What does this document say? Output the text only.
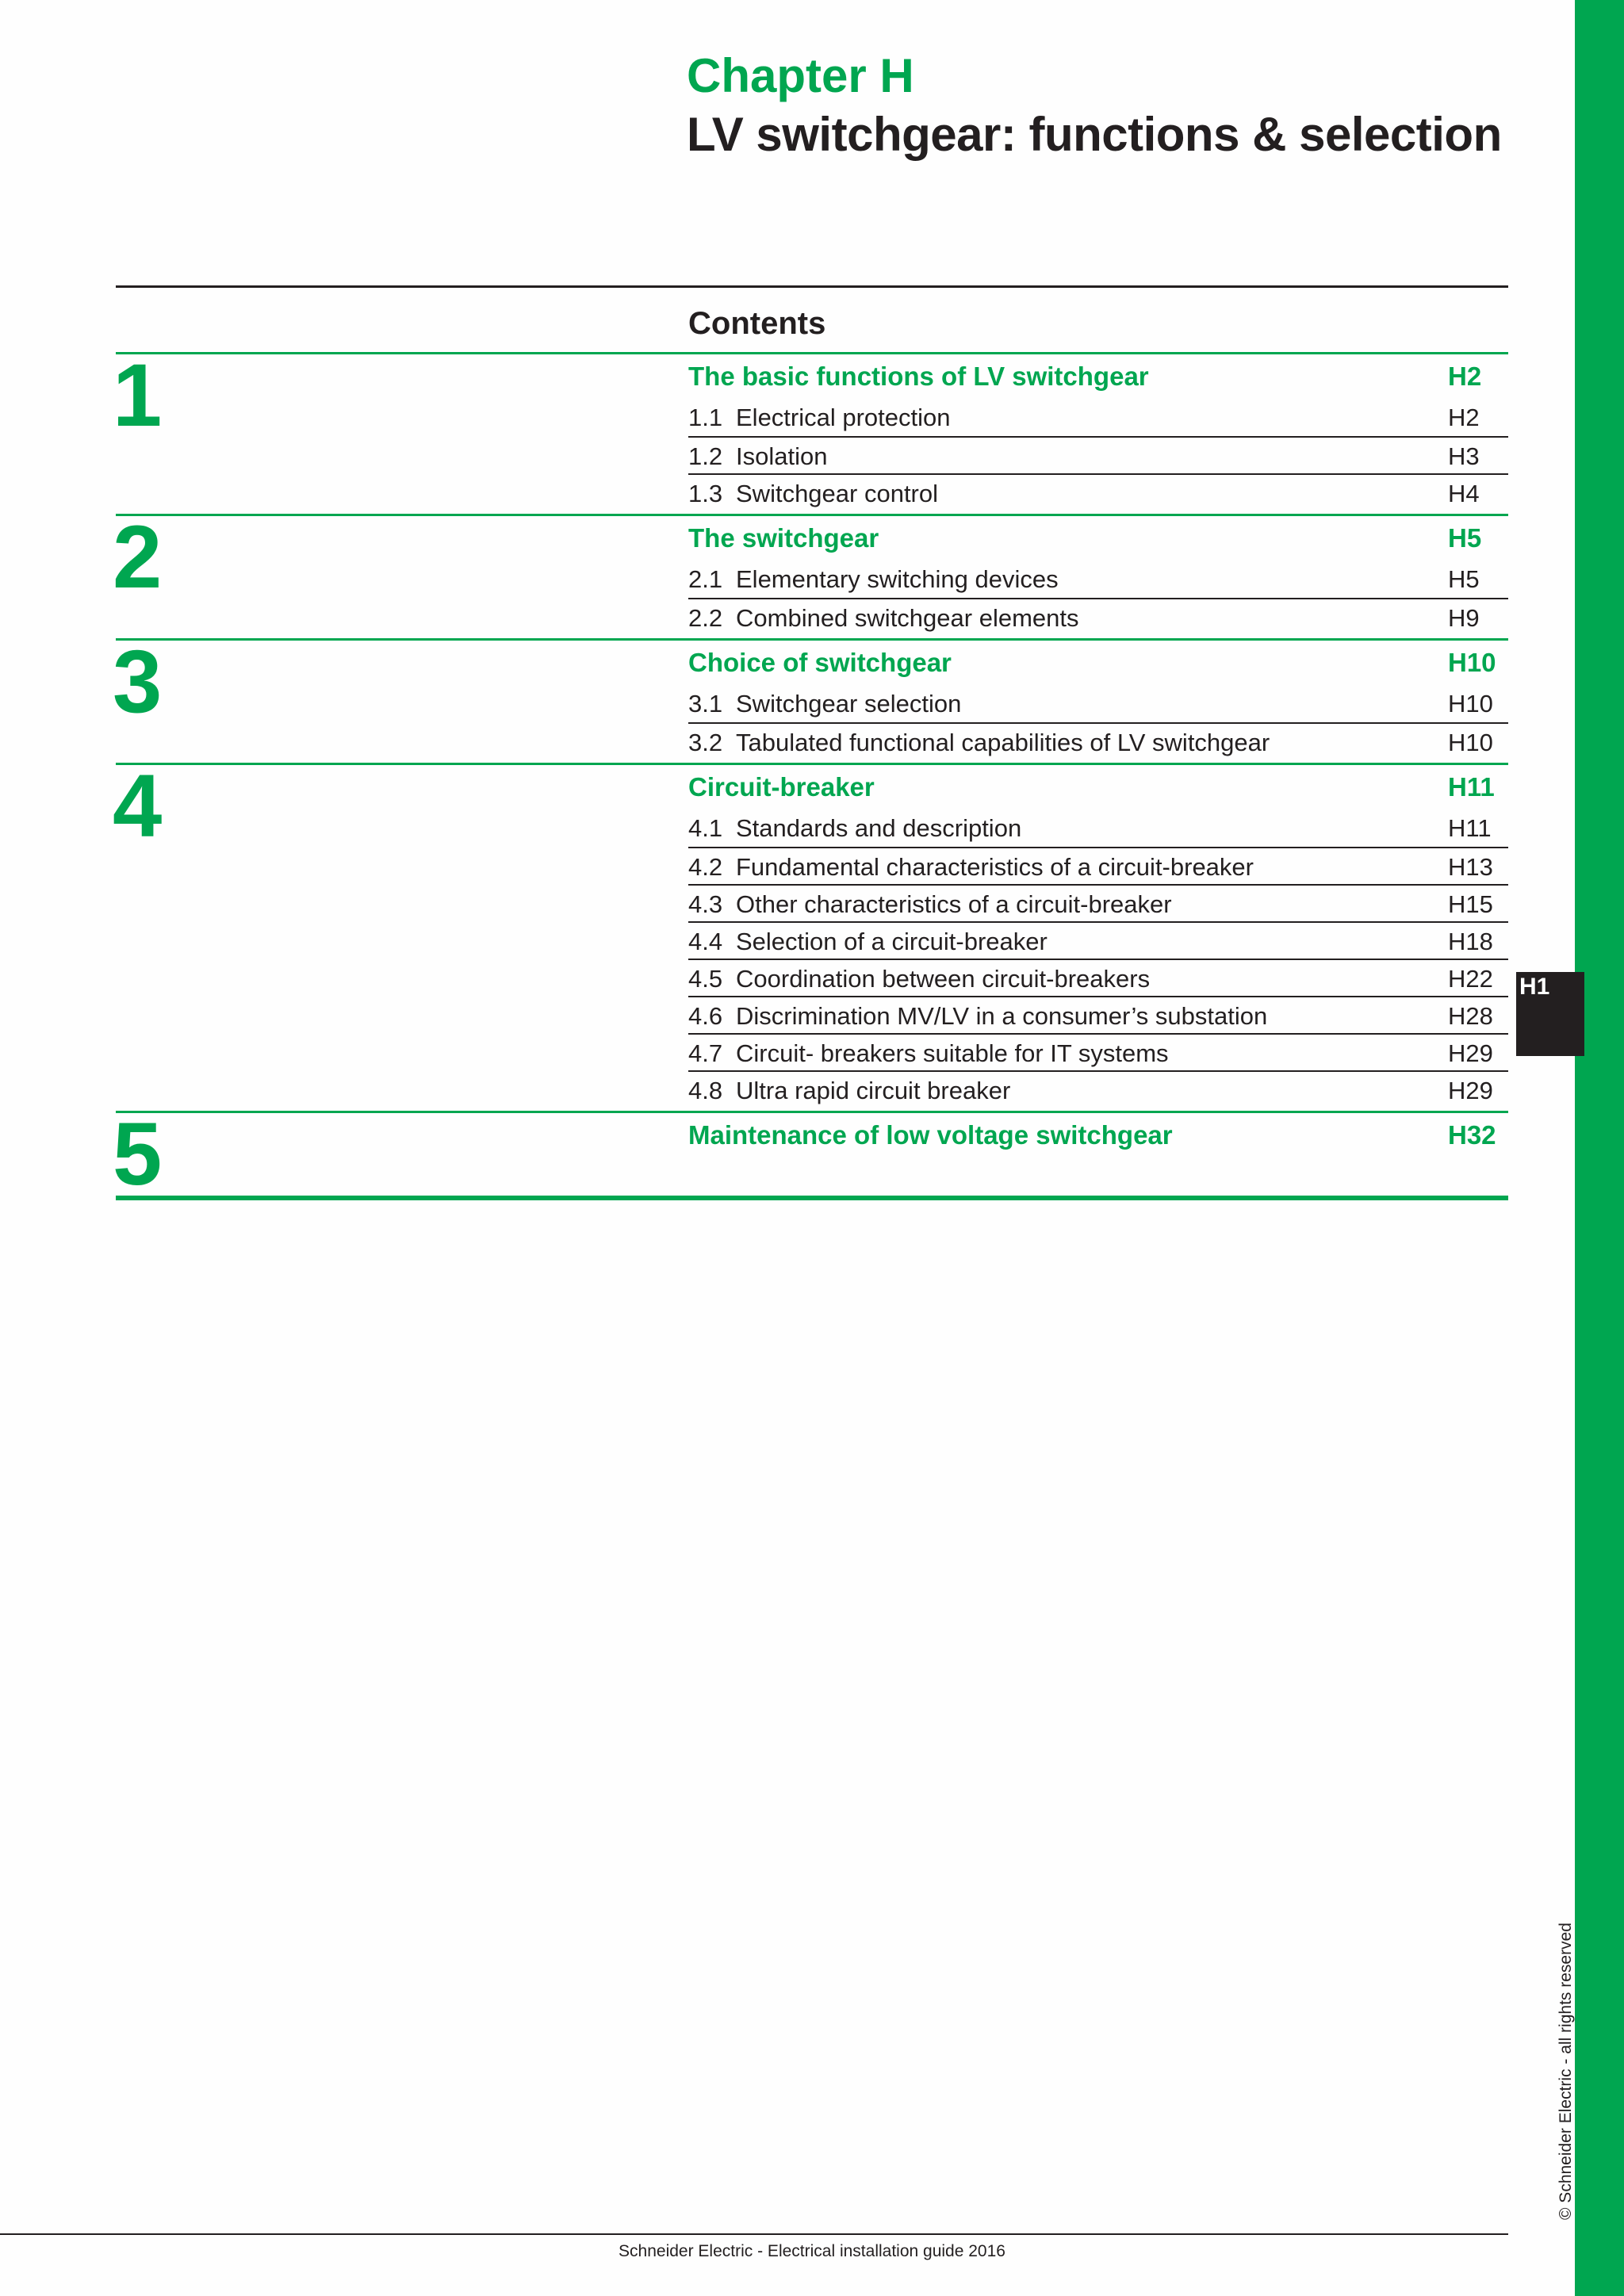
H1
Chapter H
LV switchgear: functions & selection
Contents
1	The basic functions of LV switchgear	H2
1.1 Electrical protection	H2
1.2 Isolation	H3
1.3 Switchgear control	H4
2	The switchgear	H5
2.1 Elementary switching devices	H5
2.2 Combined switchgear elements	H9
3	Choice of switchgear	H10
3.1 Switchgear selection	H10
3.2 Tabulated functional capabilities of LV switchgear	H10
4	Circuit-breaker	H11
4.1 Standards and description	H11
4.2 Fundamental characteristics of a circuit-breaker	H13
4.3 Other characteristics of a circuit-breaker	H15
4.4 Selection of a circuit-breaker	H18
4.5 Coordination between circuit-breakers	H22
4.6 Discrimination MV/LV in a consumer’s substation	H28
4.7 Circuit- breakers suitable for IT systems	H29
4.8 Ultra rapid circuit breaker	H29
5	Maintenance of low voltage switchgear	H32
© Schneider Electric - all rights reserved
Schneider Electric - Electrical installation guide 2016
